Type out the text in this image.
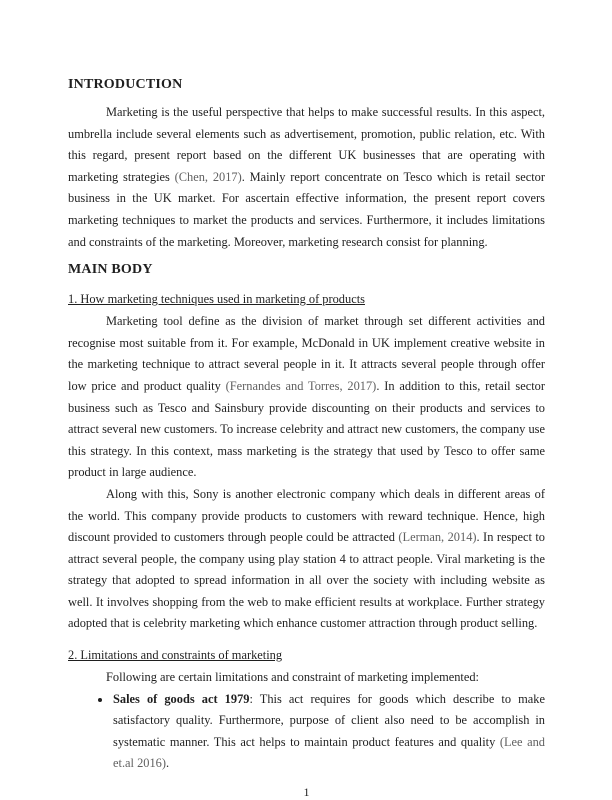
INTRODUCTION

Marketing is the useful perspective that helps to make successful results. In this aspect, umbrella include several elements such as advertisement, promotion, public relation, etc. With this regard, present report based on the different UK businesses that are operating with marketing strategies (Chen, 2017). Mainly report concentrate on Tesco which is retail sector business in the UK market. For ascertain effective information, the present report covers marketing techniques to market the products and services. Furthermore, it includes limitations and constraints of the marketing. Moreover, marketing research consist for planning.

MAIN BODY
1. How marketing techniques used in marketing of products

Marketing tool define as the division of market through set different activities and recognise most suitable from it. For example, McDonald in UK implement creative website in the marketing technique to attract several people in it. It attracts several people through offer low price and product quality (Fernandes and Torres, 2017). In addition to this, retail sector business such as Tesco and Sainsbury provide discounting on their products and services to attract several new customers. To increase celebrity and attract new customers, the company use this strategy. In this context, mass marketing is the strategy that used by Tesco to offer same product in large audience.

Along with this, Sony is another electronic company which deals in different areas of the world. This company provide products to customers with reward technique. Hence, high discount provided to customers through people could be attracted (Lerman, 2014). In respect to attract several people, the company using play station 4 to attract people. Viral marketing is the strategy that adopted to spread information in all over the society with including website as well. It involves shopping from the web to make efficient results at workplace. Further strategy adopted that is celebrity marketing which enhance customer attraction through product selling.

2. Limitations and constraints of marketing

Following are certain limitations and constraint of marketing implemented:

• Sales of goods act 1979: This act requires for goods which describe to make satisfactory quality. Furthermore, purpose of client also need to be accomplish in systematic manner. This act helps to maintain product features and quality (Lee and et.al 2016).
1
